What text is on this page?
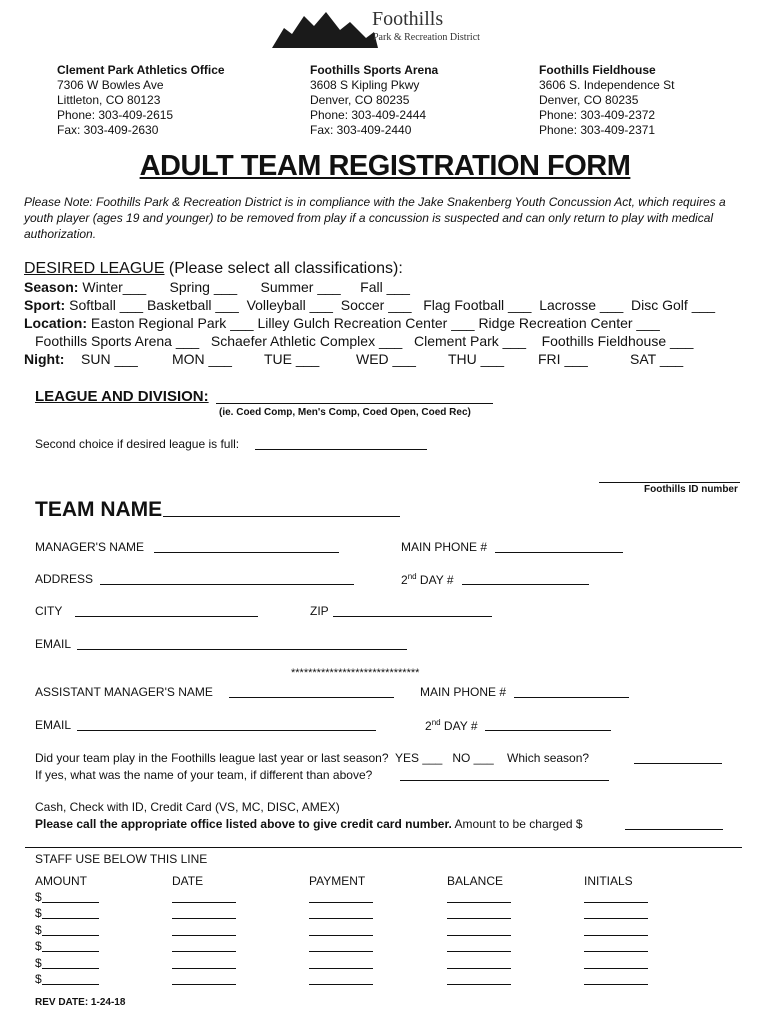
Foothills
Park & Recreation District
Clement Park Athletics Office
7306 W Bowles Ave
Littleton, CO 80123
Phone: 303-409-2615
Fax: 303-409-2630
Foothills Sports Arena
3608 S Kipling Pkwy
Denver, CO 80235
Phone: 303-409-2444
Fax: 303-409-2440
Foothills Fieldhouse
3606 S. Independence St
Denver, CO 80235
Phone: 303-409-2372
Phone: 303-409-2371
ADULT TEAM REGISTRATION FORM
Please Note: Foothills Park & Recreation District is in compliance with the Jake Snakenberg Youth Concussion Act, which requires a
youth player (ages 19 and younger) to be removed from play if a concussion is suspected and can only return to play with medical
authorization.
DESIRED LEAGUE (Please select all classifications):
Season: Winter___      Spring ___      Summer ___     Fall ___
Sport: Softball ___ Basketball ___  Volleyball ___  Soccer ___   Flag Football ___  Lacrosse ___  Disc Golf ___
Location: Easton Regional Park ___ Lilley Gulch Recreation Center ___ Ridge Recreation Center ___
Foothills Sports Arena ___   Schaefer Athletic Complex ___   Clement Park ___    Foothills Fieldhouse ___
Night: SUN ___ MON ___ TUE ___	WED ___ THU ___ FRI ___	SAT ___
LEAGUE AND DIVISION:
(ie. Coed Comp, Men's Comp, Coed Open, Coed Rec)
Second choice if desired league is full:
Foothills ID number
TEAM NAME
MANAGER'S NAME	MAIN PHONE #
ADDRESS	2nd DAY #
CITY	ZIP
EMAIL
******************************
ASSISTANT MANAGER'S NAME	MAIN PHONE #
EMAIL	2nd DAY #
Did your team play in the Foothills league last year or last season?  YES ___   NO ___    Which season?
If yes, what was the name of your team, if different than above?
Cash, Check with ID, Credit Card (VS, MC, DISC, AMEX)
Please call the appropriate office listed above to give credit card number. Amount to be charged $
STAFF USE BELOW THIS LINE
AMOUNT	DATE	PAYMENT	BALANCE	INITIALS
$
$
$
$
$
$
REV DATE: 1-24-18
